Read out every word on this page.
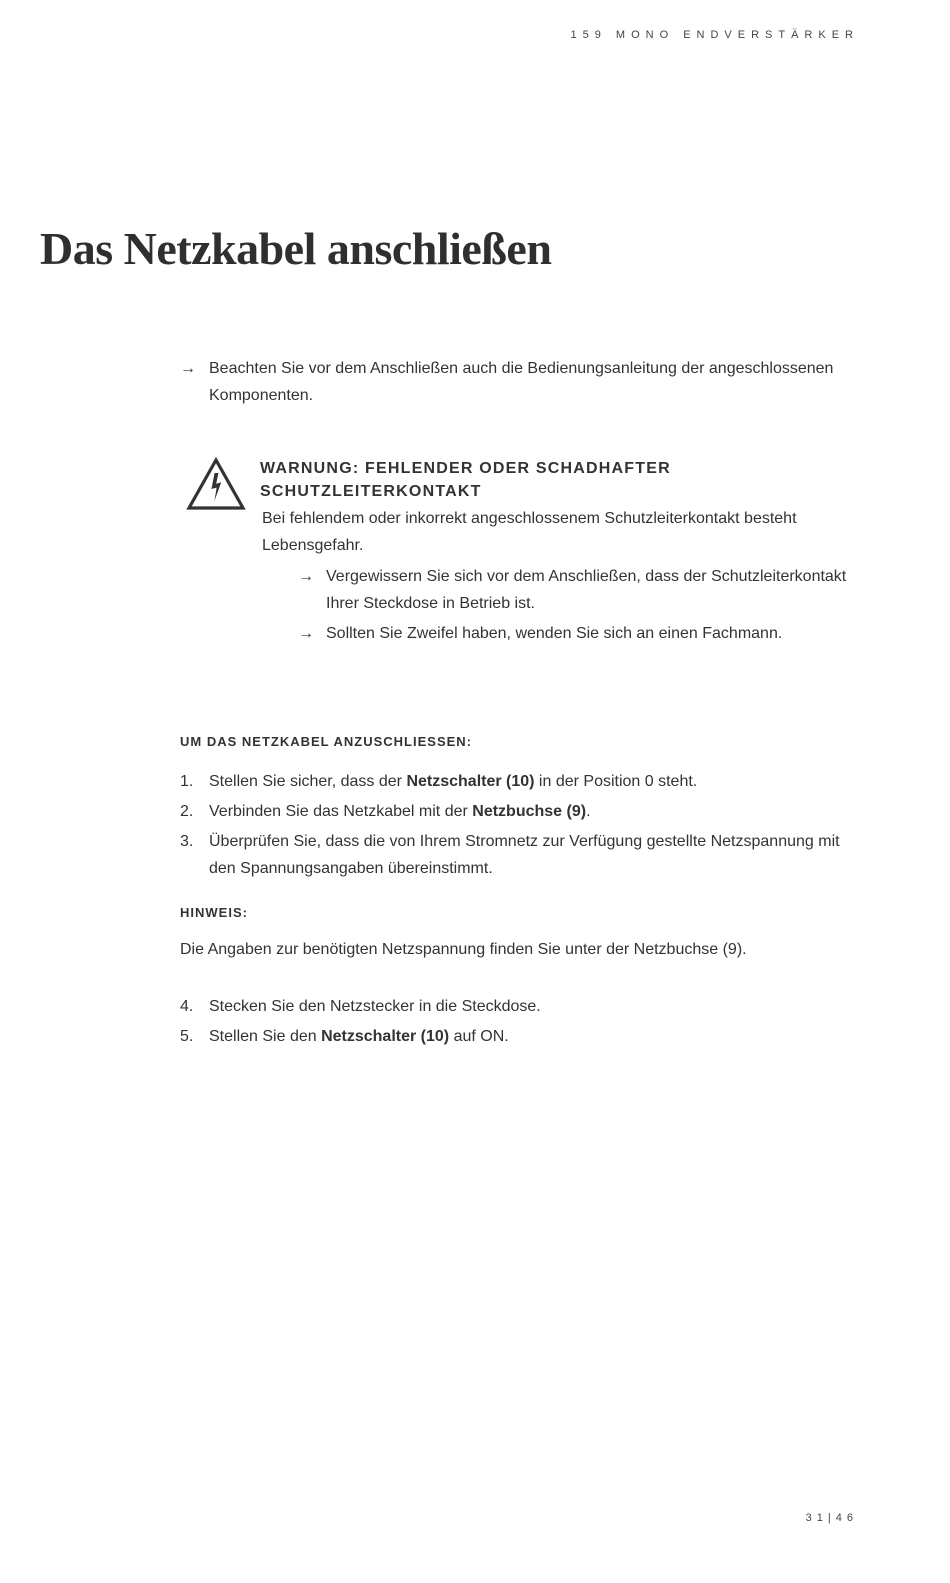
159 MONO ENDVERSTÄRKER
Das Netzkabel anschließen

→ Beachten Sie vor dem Anschließen auch die Bedienungsanleitung der angeschlossenen Komponenten.

WARNUNG: FEHLENDER ODER SCHADHAFTER SCHUTZLEITERKONTAKT

Bei fehlendem oder inkorrekt angeschlossenem Schutzleiterkontakt besteht Lebensgefahr.

→ Vergewissern Sie sich vor dem Anschließen, dass der Schutzleiterkontakt Ihrer Steckdose in Betrieb ist.
→ Sollten Sie Zweifel haben, wenden Sie sich an einen Fachmann.

UM DAS NETZKABEL ANZUSCHLIESSEN:

1. Stellen Sie sicher, dass der Netzschalter (10) in der Position 0 steht.
2. Verbinden Sie das Netzkabel mit der Netzbuchse (9).
3. Überprüfen Sie, dass die von Ihrem Stromnetz zur Verfügung gestellte Netzspannung mit den Spannungsangaben übereinstimmt.

HINWEIS:

Die Angaben zur benötigten Netzspannung finden Sie unter der Netzbuchse (9).

4. Stecken Sie den Netzstecker in die Steckdose.
5. Stellen Sie den Netzschalter (10) auf ON.
31|46
